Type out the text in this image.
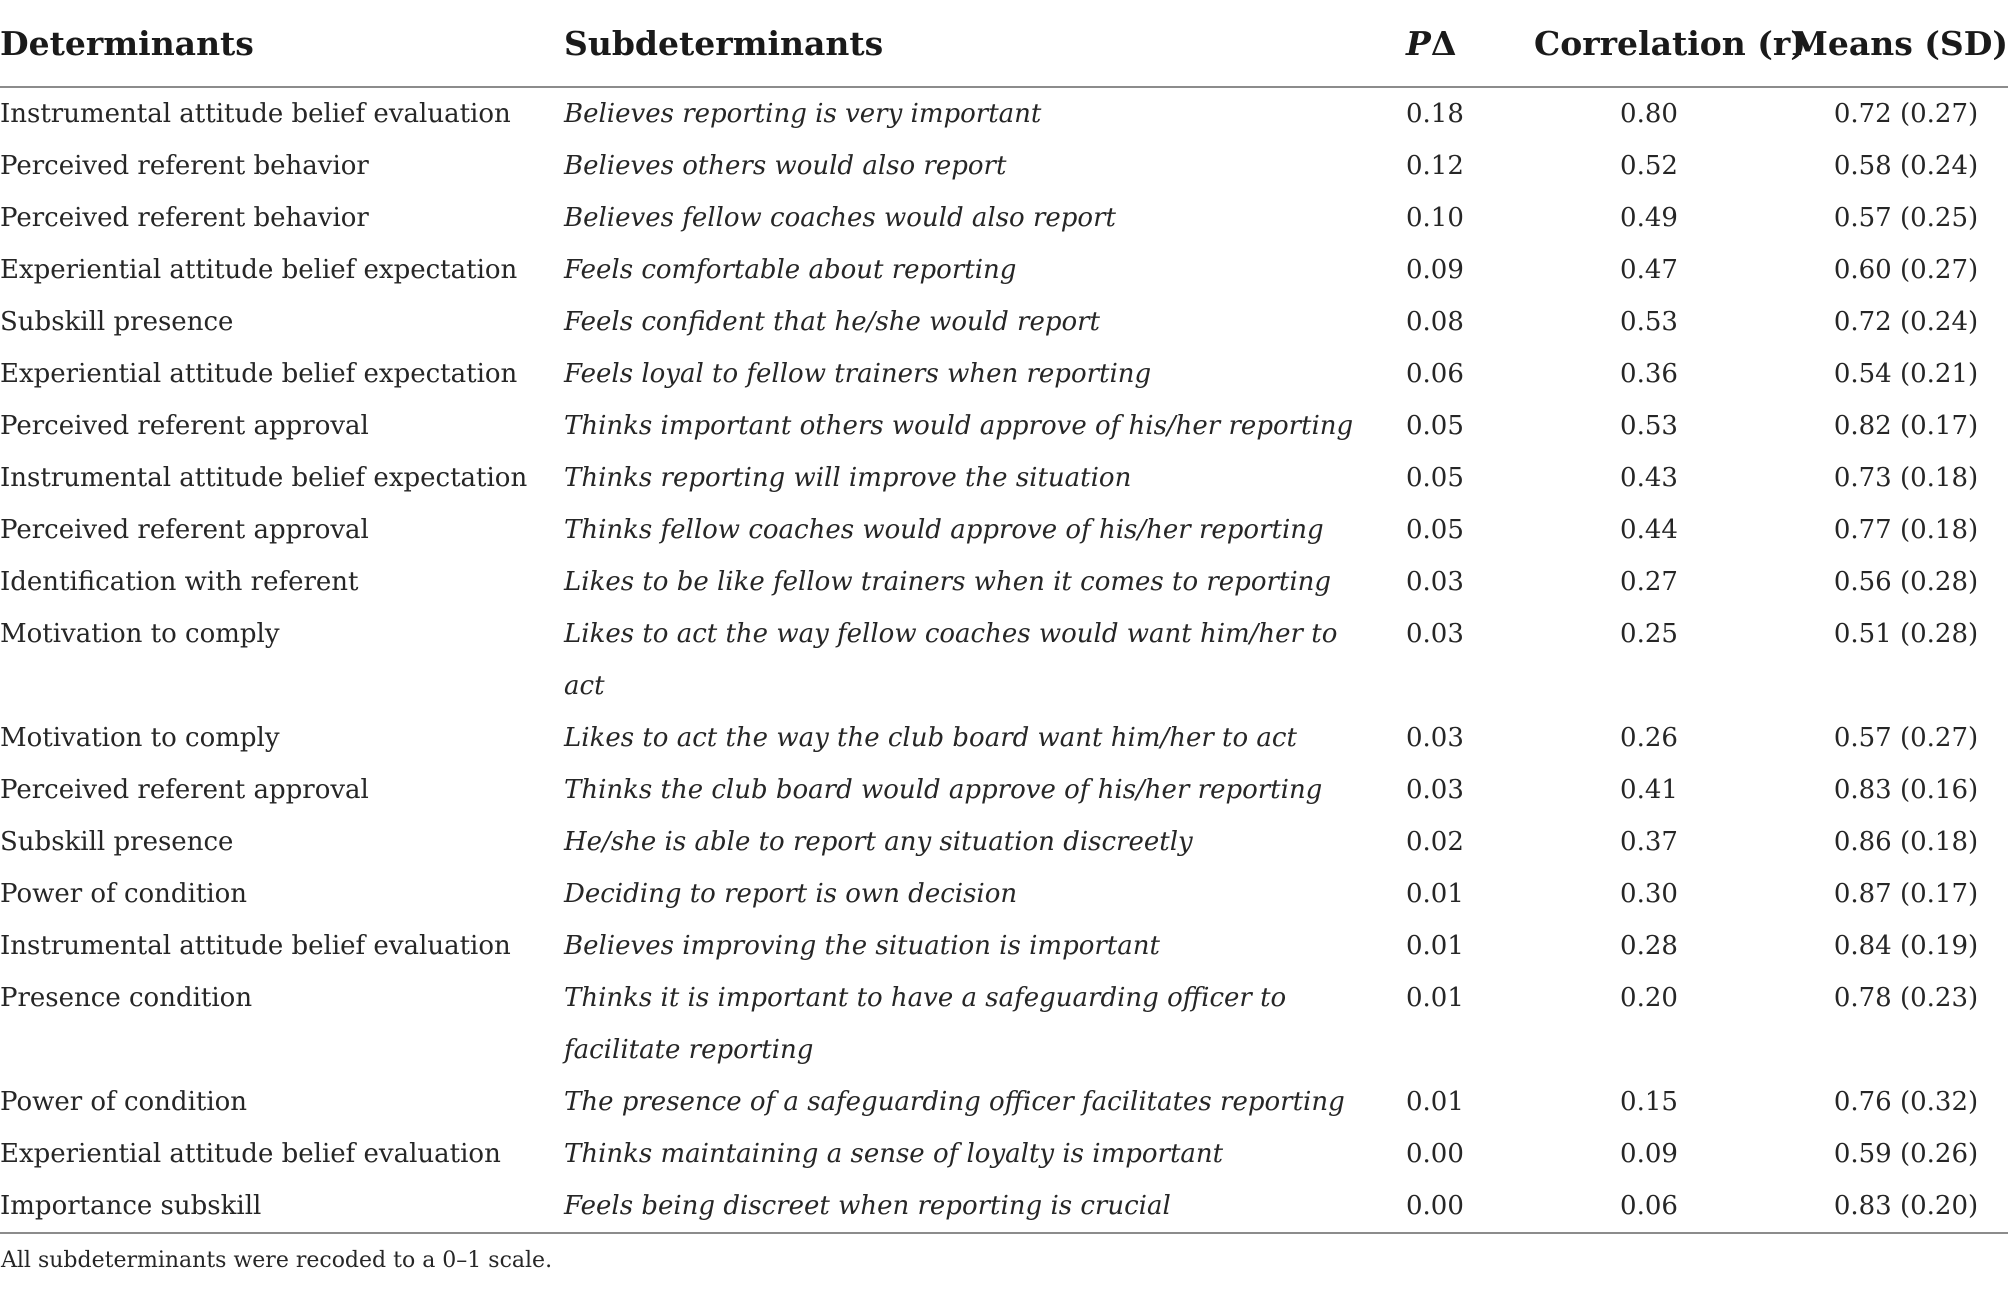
Determinants	Subdeterminants	PΔ	Correlation (r)	Means (SD)
Instrumental attitude belief evaluation	Believes reporting is very important	0.18	0.80	0.72 (0.27)
Perceived referent behavior	Believes others would also report	0.12	0.52	0.58 (0.24)
Perceived referent behavior	Believes fellow coaches would also report	0.10	0.49	0.57 (0.25)
Experiential attitude belief expectation	Feels comfortable about reporting	0.09	0.47	0.60 (0.27)
Subskill presence	Feels confident that he/she would report	0.08	0.53	0.72 (0.24)
Experiential attitude belief expectation	Feels loyal to fellow trainers when reporting	0.06	0.36	0.54 (0.21)
Perceived referent approval	Thinks important others would approve of his/her reporting	0.05	0.53	0.82 (0.17)
Instrumental attitude belief expectation	Thinks reporting will improve the situation	0.05	0.43	0.73 (0.18)
Perceived referent approval	Thinks fellow coaches would approve of his/her reporting	0.05	0.44	0.77 (0.18)
Identification with referent	Likes to be like fellow trainers when it comes to reporting	0.03	0.27	0.56 (0.28)
Motivation to comply	Likes to act the way fellow coaches would want him/her to act	0.03	0.25	0.51 (0.28)
Motivation to comply	Likes to act the way the club board want him/her to act	0.03	0.26	0.57 (0.27)
Perceived referent approval	Thinks the club board would approve of his/her reporting	0.03	0.41	0.83 (0.16)
Subskill presence	He/she is able to report any situation discreetly	0.02	0.37	0.86 (0.18)
Power of condition	Deciding to report is own decision	0.01	0.30	0.87 (0.17)
Instrumental attitude belief evaluation	Believes improving the situation is important	0.01	0.28	0.84 (0.19)
Presence condition	Thinks it is important to have a safeguarding officer to facilitate reporting	0.01	0.20	0.78 (0.23)
Power of condition	The presence of a safeguarding officer facilitates reporting	0.01	0.15	0.76 (0.32)
Experiential attitude belief evaluation	Thinks maintaining a sense of loyalty is important	0.00	0.09	0.59 (0.26)
Importance subskill	Feels being discreet when reporting is crucial	0.00	0.06	0.83 (0.20)
All subdeterminants were recoded to a 0–1 scale.				
